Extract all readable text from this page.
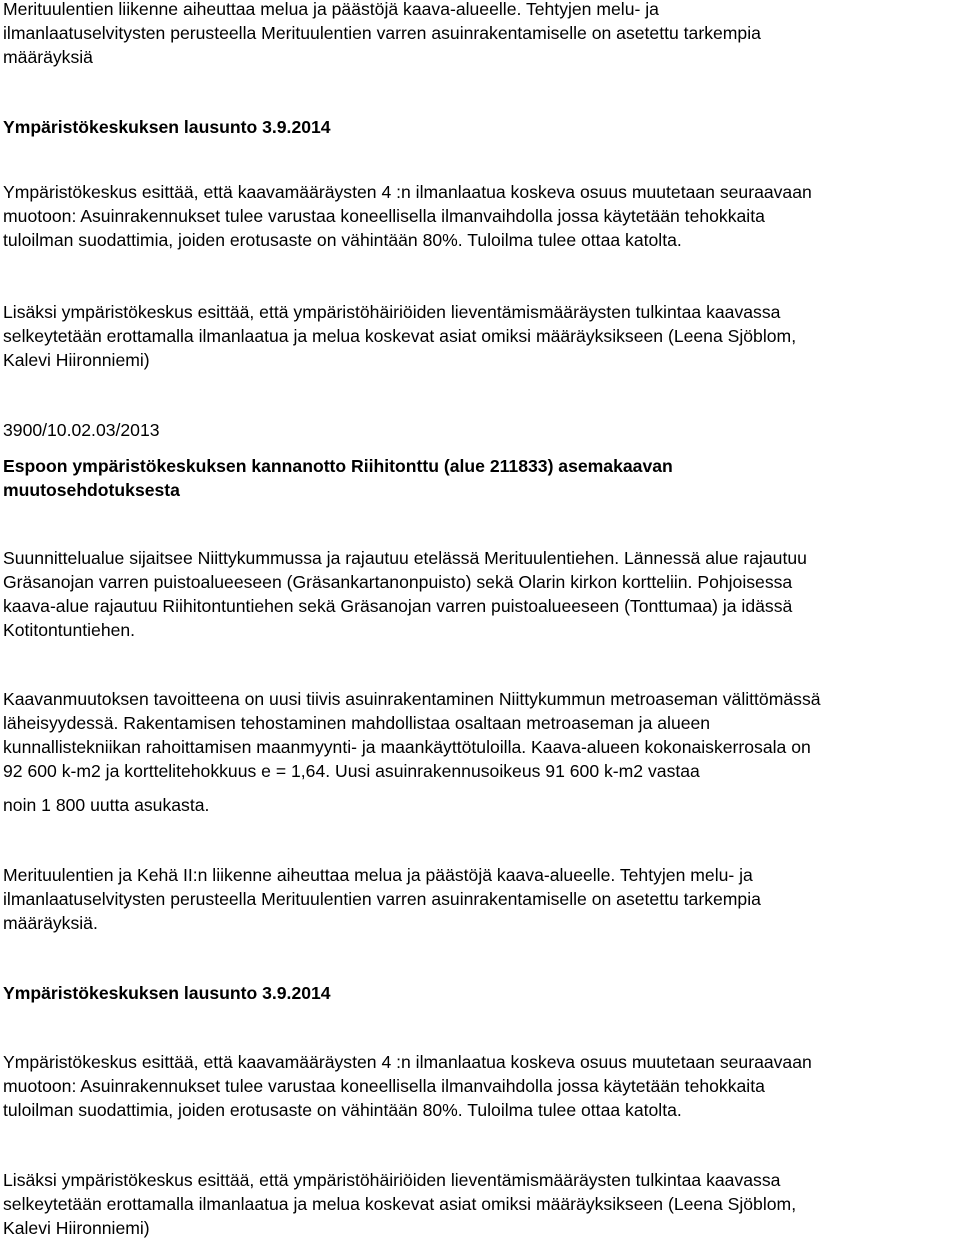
Merituulentien liikenne aiheuttaa melua ja päästöjä kaava-alueelle. Tehtyjen melu- ja
ilmanlaatuselvitysten perusteella Merituulentien varren asuinrakentamiselle on asetettu tarkempia
määräyksiä

Ympäristökeskuksen lausunto 3.9.2014

Ympäristökeskus esittää, että kaavamääräysten 4 :n ilmanlaatua koskeva osuus muutetaan seuraavaan
muotoon: Asuinrakennukset tulee varustaa koneellisella ilmanvaihdolla jossa käytetään tehokkaita
tuloilman suodattimia, joiden erotusaste on vähintään 80%. Tuloilma tulee ottaa katolta.

Lisäksi ympäristökeskus esittää, että ympäristöhäiriöiden lieventämismääräysten tulkintaa kaavassa
selkeytetään erottamalla ilmanlaatua ja melua koskevat asiat omiksi määräyksikseen (Leena Sjöblom,
Kalevi Hiironniemi)

3900/10.02.03/2013

Espoon ympäristökeskuksen kannanotto Riihitonttu (alue 211833) asemakaavan
muutosehdotuksesta

Suunnittelualue sijaitsee Niittykummussa ja rajautuu etelässä Merituulentiehen. Lännessä alue rajautuu
Gräsanojan varren puistoalueeseen (Gräsankartanonpuisto) sekä Olarin kirkon kortteliin. Pohjoisessa
kaava-alue rajautuu Riihitontuntiehen sekä Gräsanojan varren puistoalueeseen (Tonttumaa) ja idässä
Kotitontuntiehen.

Kaavanmuutoksen tavoitteena on uusi tiivis asuinrakentaminen Niittykummun metroaseman välittömässä
läheisyydessä. Rakentamisen tehostaminen mahdollistaa osaltaan metroaseman ja alueen
kunnallistekniikan rahoittamisen maanmyynti- ja maankäyttötuloilla. Kaava-alueen kokonaiskerrosala on
92 600 k-m2 ja korttelitehokkuus e = 1,64. Uusi asuinrakennusoikeus 91 600 k-m2 vastaa

noin 1 800 uutta asukasta.

Merituulentien ja Kehä II:n liikenne aiheuttaa melua ja päästöjä kaava-alueelle. Tehtyjen melu- ja
ilmanlaatuselvitysten perusteella Merituulentien varren asuinrakentamiselle on asetettu tarkempia
määräyksiä.

Ympäristökeskuksen lausunto 3.9.2014

Ympäristökeskus esittää, että kaavamääräysten 4 :n ilmanlaatua koskeva osuus muutetaan seuraavaan
muotoon: Asuinrakennukset tulee varustaa koneellisella ilmanvaihdolla jossa käytetään tehokkaita
tuloilman suodattimia, joiden erotusaste on vähintään 80%. Tuloilma tulee ottaa katolta.

Lisäksi ympäristökeskus esittää, että ympäristöhäiriöiden lieventämismääräysten tulkintaa kaavassa
selkeytetään erottamalla ilmanlaatua ja melua koskevat asiat omiksi määräyksikseen (Leena Sjöblom,
Kalevi Hiironniemi)
